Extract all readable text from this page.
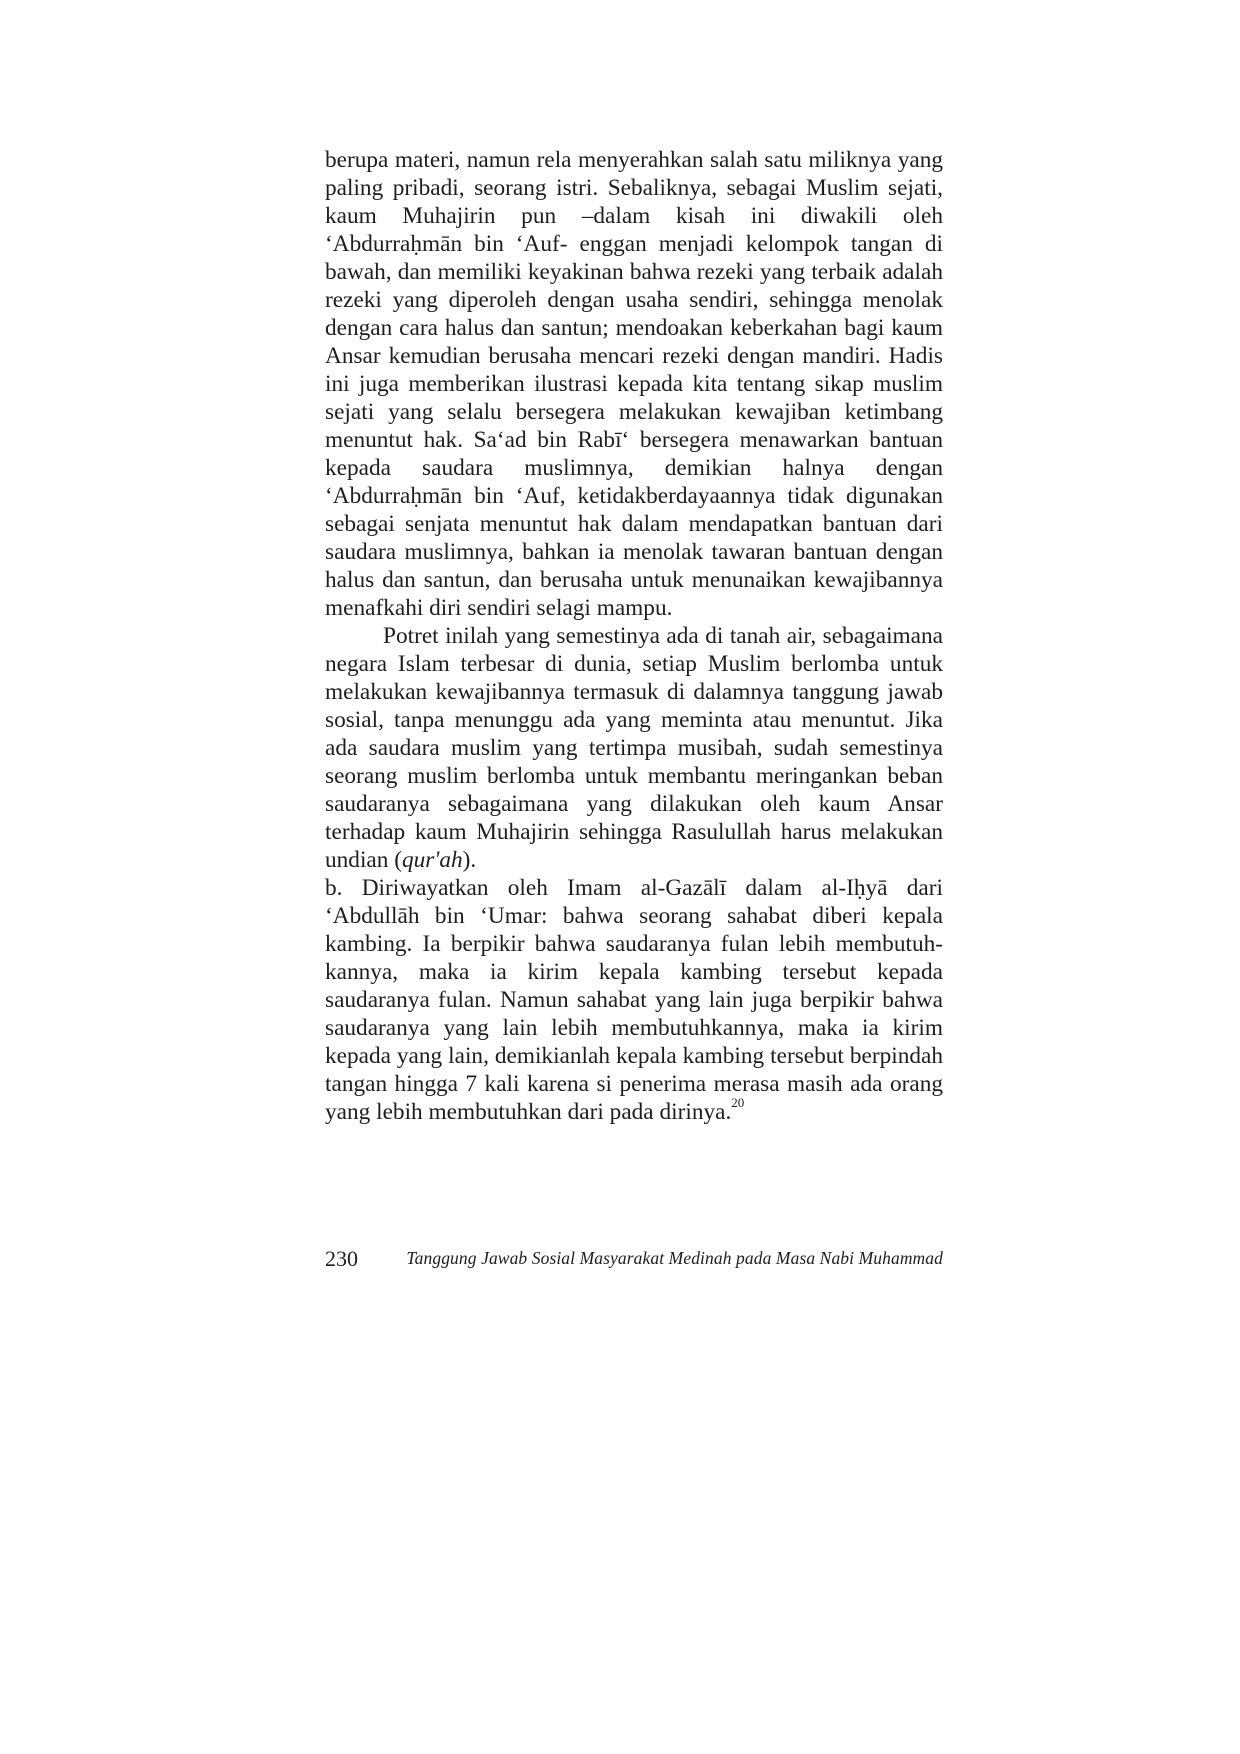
berupa materi, namun rela menyerahkan salah satu miliknya yang paling pribadi, seorang istri. Sebaliknya, sebagai Muslim sejati, kaum Muhajirin pun –dalam kisah ini diwakili oleh ‘Abdurraḥmān bin ‘Auf- enggan menjadi kelompok tangan di bawah, dan memiliki keyakinan bahwa rezeki yang terbaik adalah rezeki yang diperoleh dengan usaha sendiri, sehingga menolak dengan cara halus dan santun; mendoakan keberkahan bagi kaum Ansar kemudian berusaha mencari rezeki dengan mandiri. Hadis ini juga memberikan ilustrasi kepada kita tentang sikap muslim sejati yang selalu bersegera melakukan kewajiban ketimbang menuntut hak. Sa‘ad bin Rabī‘ bersegera menawarkan bantuan kepada saudara muslimnya, demikian halnya dengan ‘Abdurraḥmān bin ‘Auf, ketidakberdayaannya tidak digunakan sebagai senjata menuntut hak dalam mendapatkan bantuan dari saudara muslimnya, bahkan ia menolak tawaran bantuan dengan halus dan santun, dan berusaha untuk menunaikan kewajibannya menafkahi diri sendiri selagi mampu.

Potret inilah yang semestinya ada di tanah air, sebagaimana negara Islam terbesar di dunia, setiap Muslim berlomba untuk melakukan kewajibannya termasuk di dalamnya tanggung jawab sosial, tanpa menunggu ada yang meminta atau menuntut. Jika ada saudara muslim yang tertimpa musibah, sudah semestinya seorang muslim berlomba untuk membantu meringankan beban saudaranya sebagaimana yang dilakukan oleh kaum Ansar terhadap kaum Muhajirin sehingga Rasulullah harus melakukan undian (qur'ah).

b. Diriwayatkan oleh Imam al-Gazālī dalam al-Iḥyā dari ‘Abdullāh bin ‘Umar: bahwa seorang sahabat diberi kepala kambing. Ia berpikir bahwa saudaranya fulan lebih membutuh-kannya, maka ia kirim kepala kambing tersebut kepada saudaranya fulan. Namun sahabat yang lain juga berpikir bahwa saudaranya yang lain lebih membutuhkannya, maka ia kirim kepada yang lain, demikianlah kepala kambing tersebut berpindah tangan hingga 7 kali karena si penerima merasa masih ada orang yang lebih membutuhkan dari pada dirinya.$^{20}$

230	Tanggung Jawab Sosial Masyarakat Medinah pada Masa Nabi Muhammad
